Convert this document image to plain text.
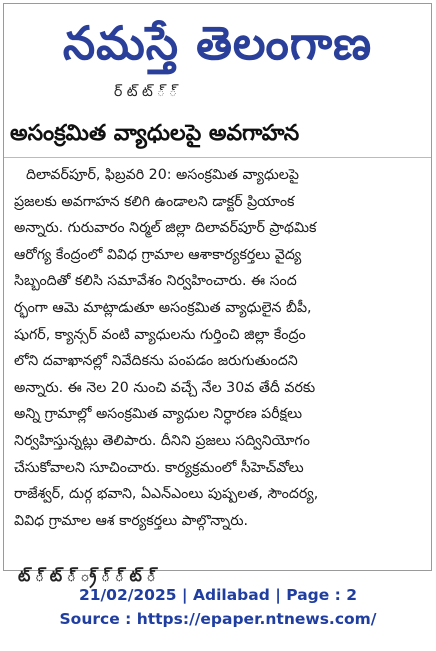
నమస్తే తెలంగాణ
ర్ ట్ ట్ ్ ్
అసంక్రమిత వ్యాధులపై అవగాహన
దిలావర్‌పూర్‌, ఫిబ్రవరి 20: అసంక్రమిత వ్యాధులపై
ప్రజలకు అవగాహన కలిగి ఉండాలని డాక్టర్ ప్రియాంక
అన్నారు. గురువారం నిర్మల్ జిల్లా దిలావర్‌పూర్ ప్రాథమిక
ఆరోగ్య కేంద్రంలో వివిధ గ్రామాల ఆశాకార్యకర్తలు వైద్య
సిబ్బందితో కలిసి సమావేశం నిర్వహించారు. ఈ సంద
ర్భంగా ఆమె మాట్లాడుతూ అసంక్రమిత వ్యాధులైన బీపీ,
షుగర్, క్యాన్సర్ వంటి వ్యాధులను గుర్తించి జిల్లా కేంద్రం
లోని దవాఖానల్లో నివేదికను పంపడం జరుగుతుందని
అన్నారు. ఈ నెల 20 నుంచి వచ్చే నేల 30వ తేదీ వరకు
అన్ని గ్రామాల్లో అసంక్రమిత వ్యాధుల నిర్ధారణ పరీక్షలు
నిర్వహిస్తున్నట్లు తెలిపారు. దీనిని ప్రజలు సద్వినియోగం
చేసుకోవాలని సూచించారు. కార్యక్రమంలో సీహెచ్‌వోలు
రాజేశ్వర్, దుర్గ భవాని, ఏఎన్‌ఎంలు పుష్పలత, సౌందర్య,
వివిధ గ్రామాల ఆశ కార్యకర్తలు పాల్గొన్నారు.
ట్ ్ ట్ ్ ్ర్ ్ ్ ట్ ్
21/02/2025 | Adilabad | Page : 2
Source : https://epaper.ntnews.com/
